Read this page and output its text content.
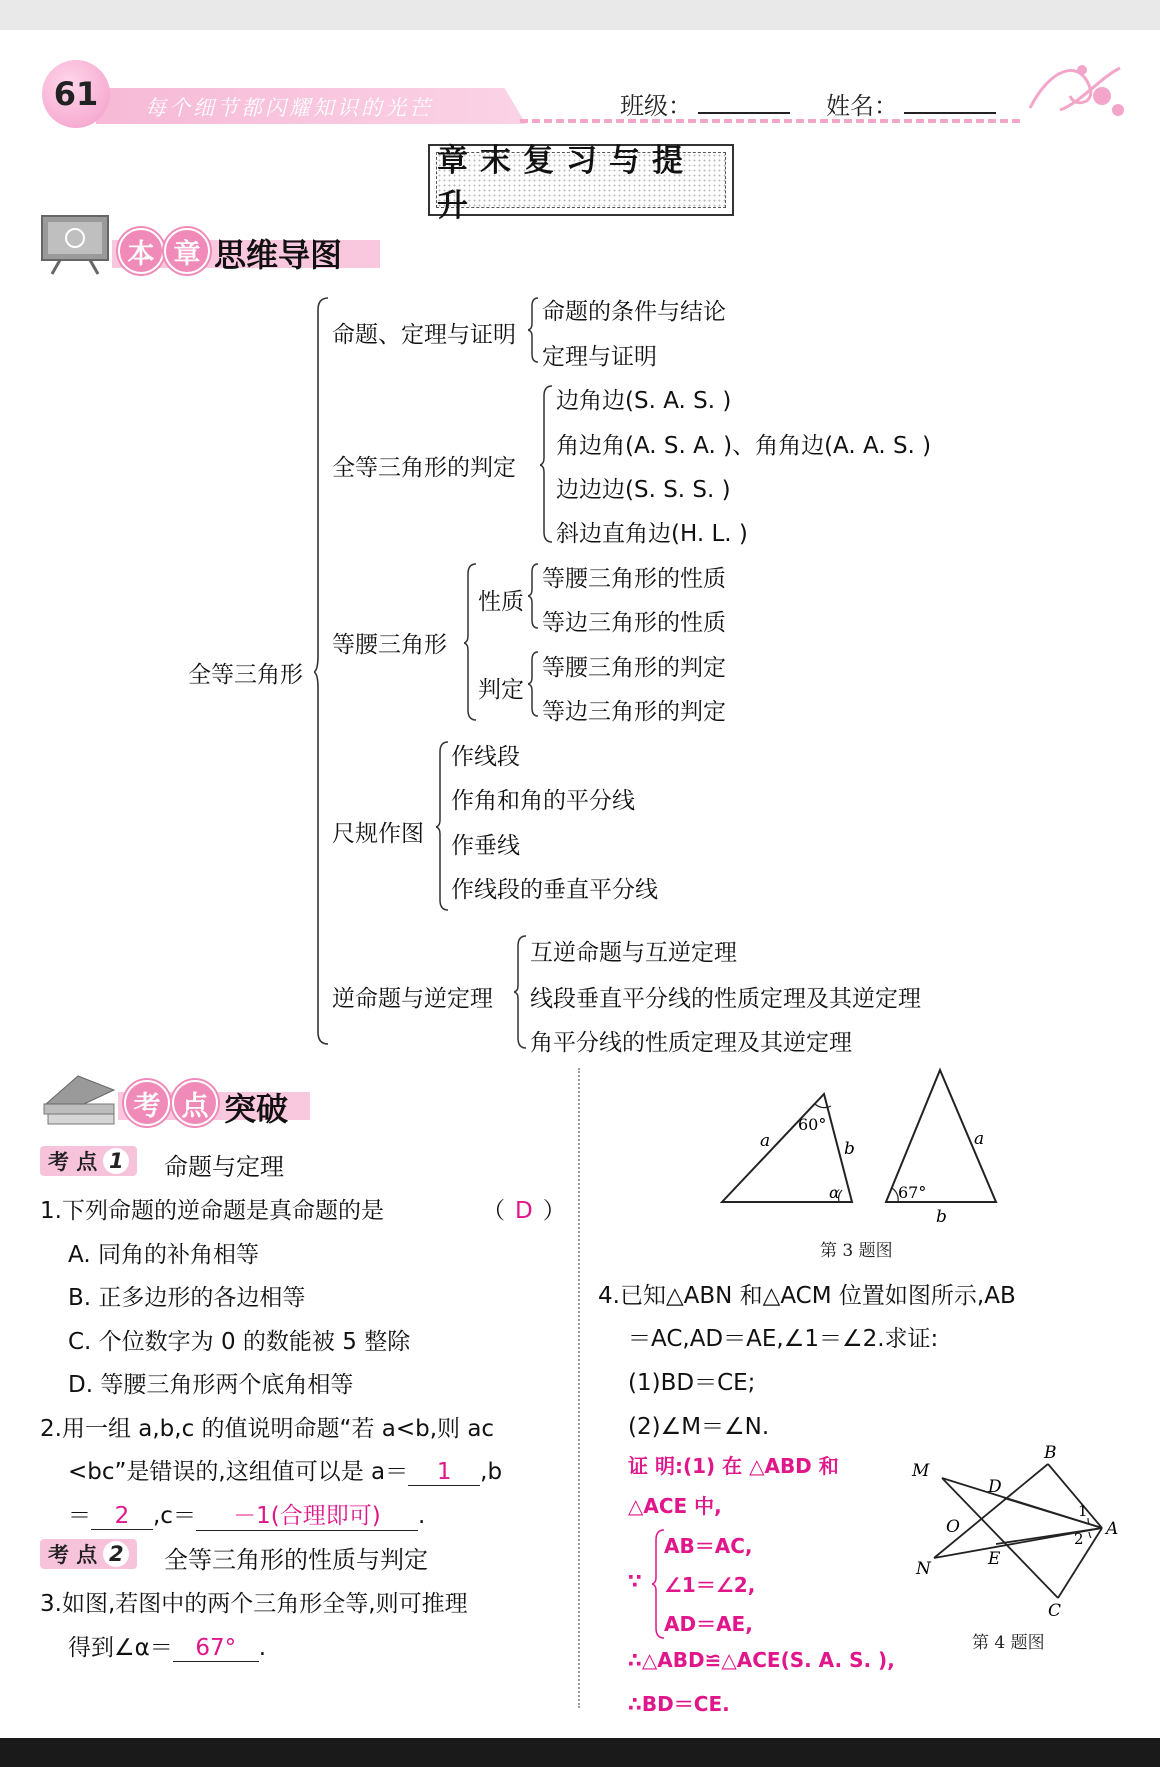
61 每个细节都闪耀知识的光芒	班级：	姓名：
章末复习与提升
本 章 思维导图
全等三角形
命题、定理与证明
命题的条件与结论
定理与证明
全等三角形的判定
边角边(S. A. S. )
角边角(A. S. A. )、角角边(A. A. S. )
边边边(S. S. S. )
斜边直角边(H. L. )
等腰三角形
性质
等腰三角形的性质
等边三角形的性质
判定
等腰三角形的判定
等边三角形的判定
尺规作图
作线段
作角和角的平分线
作垂线
作线段的垂直平分线
逆命题与逆定理
互逆命题与互逆定理
线段垂直平分线的性质定理及其逆定理
角平分线的性质定理及其逆定理
考 点 突破
考 点 1 命题与定理
1.下列命题的逆命题是真命题的是	（ D ）
A. 同角的补角相等
B. 正多边形的各边相等
C. 个位数字为 0 的数能被 5 整除
D. 等腰三角形两个底角相等
2.用一组 a,b,c 的值说明命题“若 a<b,则 ac
<bc”是错误的,这组值可以是 a＝ 1 ,b
＝ 2 ,c＝ －1(合理即可) .
考 点 2 全等三角形的性质与判定
3.如图,若图中的两个三角形全等,则可推理
得到∠α＝ 67° .
a	b
60°
α
a
67°
b
第 3 题图
4.已知△ABN 和△ACM 位置如图所示,AB
＝AC,AD＝AE,∠1＝∠2.求证:
(1)BD＝CE;
(2)∠M＝∠N.
证 明:(1) 在 △ABD 和
△ACE 中,
∵
AB＝AC,
∠1＝∠2,
AD＝AE,
∴△ABD≌△ACE(S. A. S. ),
∴BD＝CE.
B
M
D
1
A
O
2
N	E
C
第 4 题图
